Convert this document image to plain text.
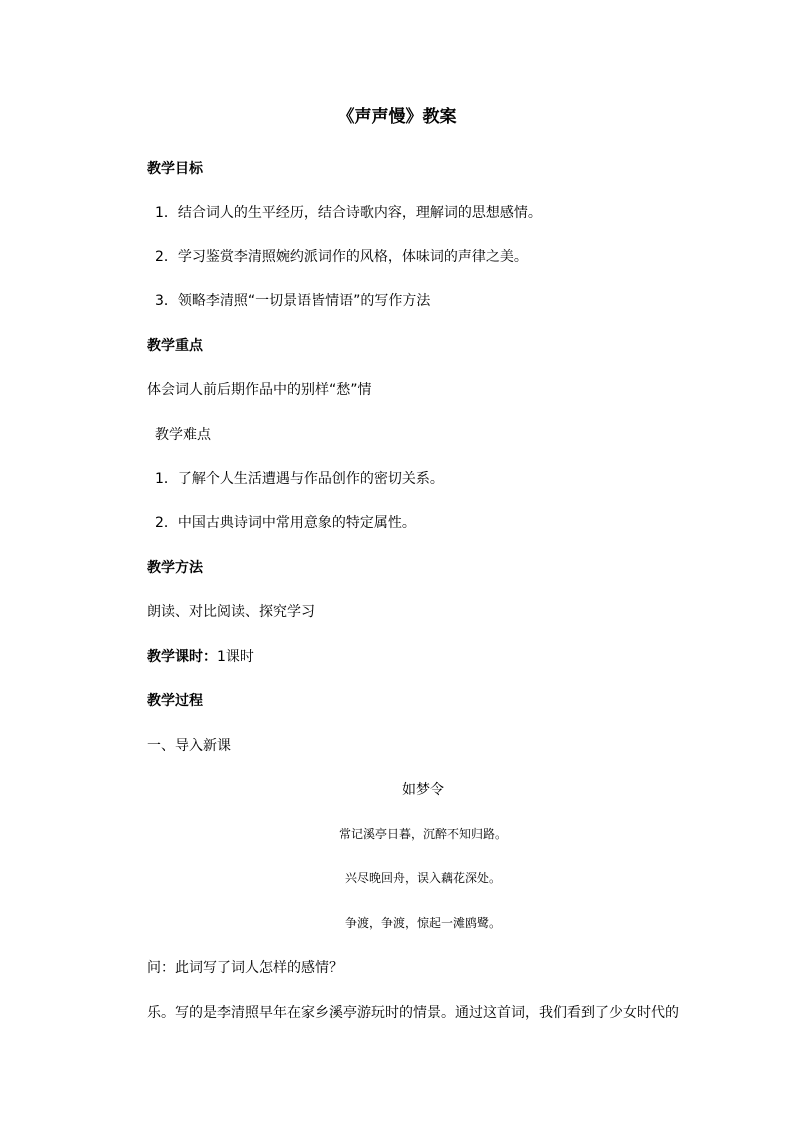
《声声慢》教案
教学目标
1．结合词人的生平经历，结合诗歌内容，理解词的思想感情。
2．学习鉴赏李清照婉约派词作的风格，体味词的声律之美。
3．领略李清照“一切景语皆情语”的写作方法
教学重点
体会词人前后期作品中的别样“愁”情
教学难点
1．了解个人生活遭遇与作品创作的密切关系。
2．中国古典诗词中常用意象的特定属性。
教学方法
朗读、对比阅读、探究学习
教学课时：1课时
教学过程
一、导入新课
如梦令
常记溪亭日暮，沉醉不知归路。
兴尽晚回舟，误入藕花深处。
争渡，争渡，惊起一滩鸥鹭。
问：此词写了词人怎样的感情？
乐。写的是李清照早年在家乡溪亭游玩时的情景。通过这首词，我们看到了少女时代的
